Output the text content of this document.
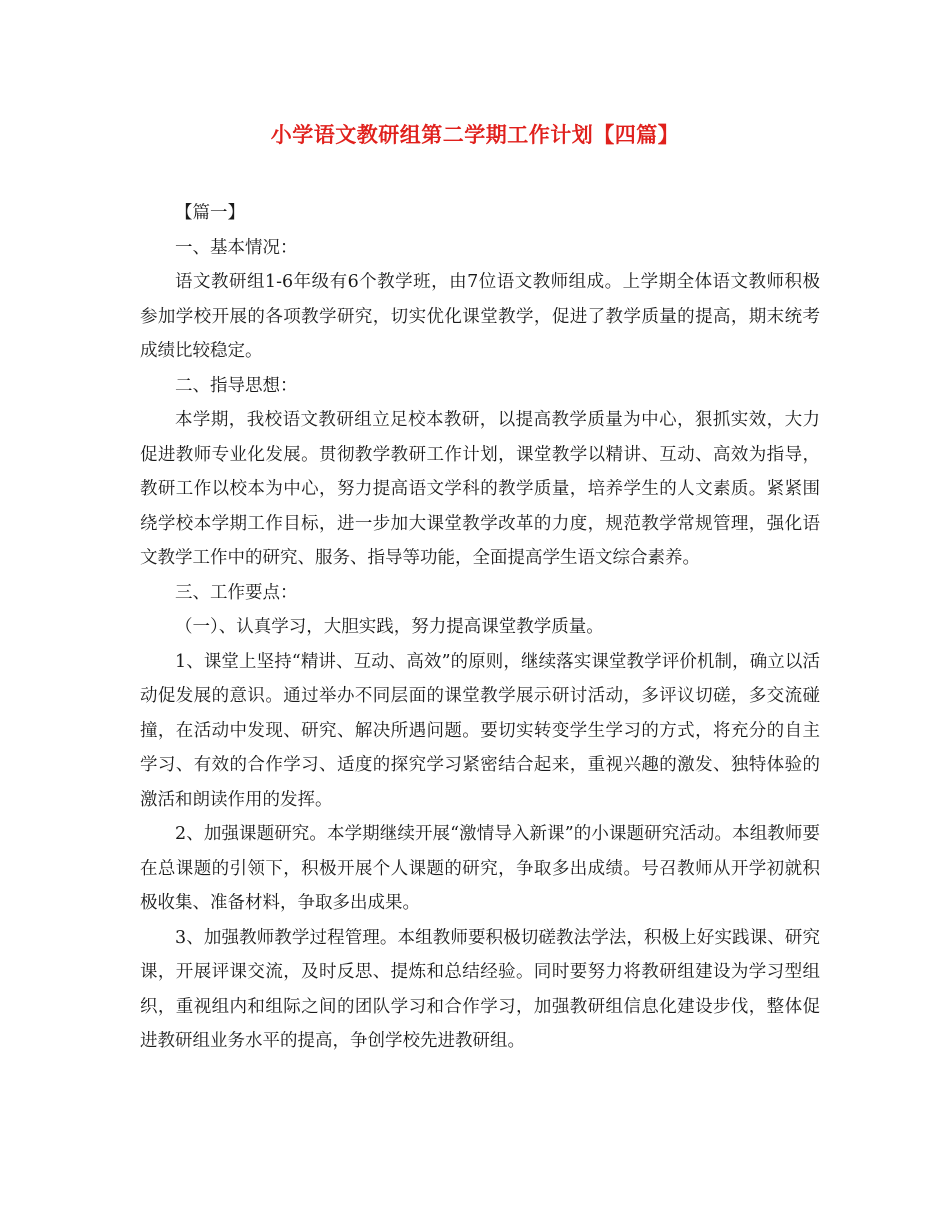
小学语文教研组第二学期工作计划【四篇】

【篇一】

一、基本情况：

语文教研组1-6年级有6个教学班，由7位语文教师组成。上学期全体语文教师积极参加学校开展的各项教学研究，切实优化课堂教学，促进了教学质量的提高，期末统考成绩比较稳定。

二、指导思想：

本学期，我校语文教研组立足校本教研，以提高教学质量为中心，狠抓实效，大力促进教师专业化发展。贯彻教学教研工作计划，课堂教学以精讲、互动、高效为指导，教研工作以校本为中心，努力提高语文学科的教学质量，培养学生的人文素质。紧紧围绕学校本学期工作目标，进一步加大课堂教学改革的力度，规范教学常规管理，强化语文教学工作中的研究、服务、指导等功能，全面提高学生语文综合素养。

三、工作要点：

（一）、认真学习，大胆实践，努力提高课堂教学质量。

1、课堂上坚持“精讲、互动、高效”的原则，继续落实课堂教学评价机制，确立以活动促发展的意识。通过举办不同层面的课堂教学展示研讨活动，多评议切磋，多交流碰撞，在活动中发现、研究、解决所遇问题。要切实转变学生学习的方式，将充分的自主学习、有效的合作学习、适度的探究学习紧密结合起来，重视兴趣的激发、独特体验的激活和朗读作用的发挥。

2、加强课题研究。本学期继续开展“激情导入新课”的小课题研究活动。本组教师要在总课题的引领下，积极开展个人课题的研究，争取多出成绩。号召教师从开学初就积极收集、准备材料，争取多出成果。

3、加强教师教学过程管理。本组教师要积极切磋教法学法，积极上好实践课、研究课，开展评课交流，及时反思、提炼和总结经验。同时要努力将教研组建设为学习型组织，重视组内和组际之间的团队学习和合作学习，加强教研组信息化建设步伐，整体促进教研组业务水平的提高，争创学校先进教研组。
